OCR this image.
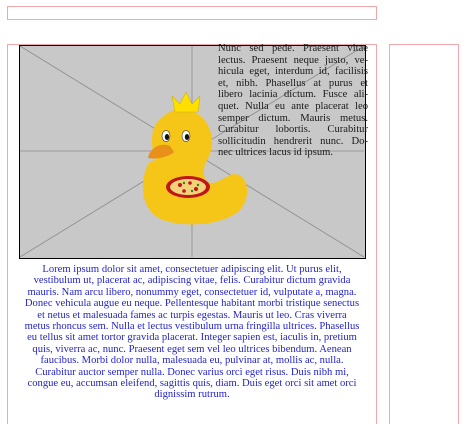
Nunc sed pede. Praesent vitae
lectus. Praesent neque justo, ve-
hicula eget, interdum id, facilisis
et, nibh. Phasellus at purus et
libero lacinia dictum. Fusce ali-
quet. Nulla eu ante placerat leo
semper dictum. Mauris metus.
Curabitur lobortis. Curabitur
sollicitudin hendrerit nunc. Do-
nec ultrices lacus id ipsum.
Lorem ipsum dolor sit amet, consectetuer adipiscing elit. Ut purus elit,
vestibulum ut, placerat ac, adipiscing vitae, felis. Curabitur dictum gravida
mauris. Nam arcu libero, nonummy eget, consectetuer id, vulputate a, magna.
Donec vehicula augue eu neque. Pellentesque habitant morbi tristique senectus
et netus et malesuada fames ac turpis egestas. Mauris ut leo. Cras viverra
metus rhoncus sem. Nulla et lectus vestibulum urna fringilla ultrices. Phasellus
eu tellus sit amet tortor gravida placerat. Integer sapien est, iaculis in, pretium
quis, viverra ac, nunc. Praesent eget sem vel leo ultrices bibendum. Aenean
faucibus. Morbi dolor nulla, malesuada eu, pulvinar at, mollis ac, nulla.
Curabitur auctor semper nulla. Donec varius orci eget risus. Duis nibh mi,
congue eu, accumsan eleifend, sagittis quis, diam. Duis eget orci sit amet orci
dignissim rutrum.
